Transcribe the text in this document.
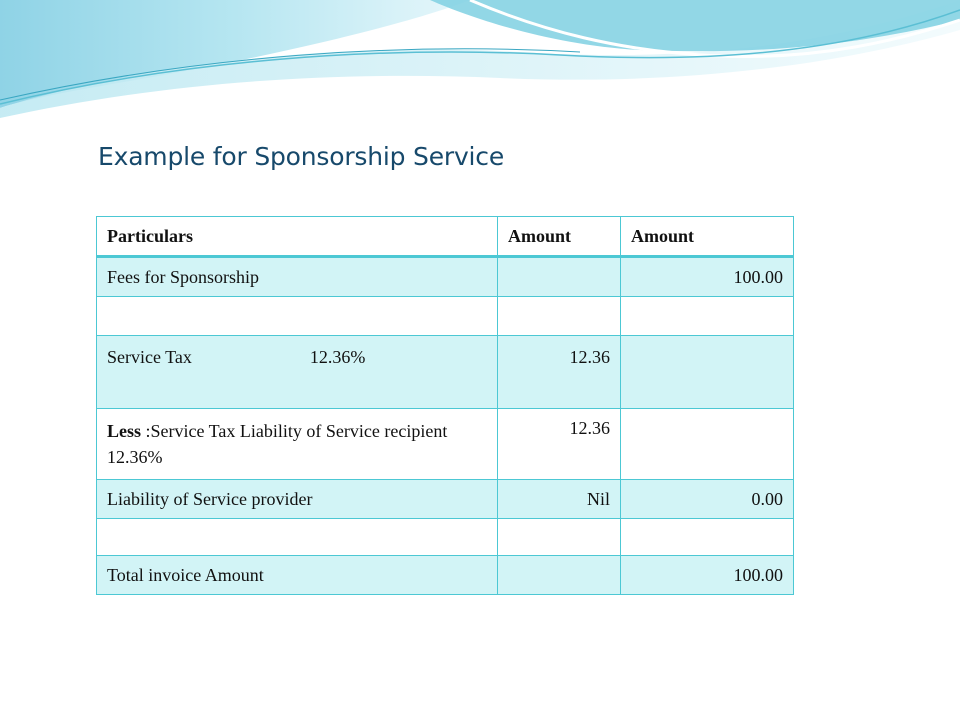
Example for Sponsorship Service
Particulars	Amount	Amount
Fees for Sponsorship		100.00

Service Tax 12.36%	12.36	
Less :Service Tax Liability of Service recipient 12.36%	12.36	
Liability of Service provider	Nil	0.00

Total invoice Amount		100.00
